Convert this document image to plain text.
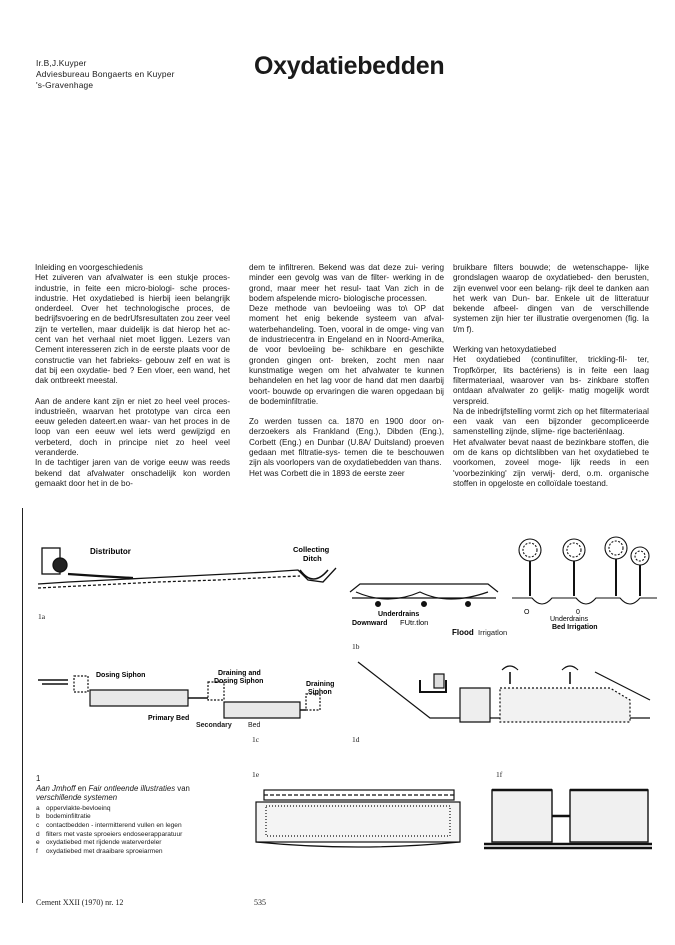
Ir.B,J.Kuyper
Adviesbureau Bongaerts en Kuyper
's-Gravenhage
Oxydatiebedden

Inleiding en voorgeschiedenis

Het zuiveren van afvalwater is een stukje proces-industrie, in feite een micro-biologi- sche proces-industrie. Het oxydatiebed is hierbij ieen belangrijk onderdeel. Over het technologische proces, de bedrijfsvoering en de bedrUfsresultaten zou zeer veel zijn te vertellen, maar duidelijk is dat hierop het ac- cent van het verhaal niet moet liggen. Lezers van Cement interesseren zich in de eerste plaats voor de constructie van het fabrieks- gebouw zelf en wat is dat bij een oxydatie- bed ? Een vloer, een wand, het dak ontbreekt meestal.

Aan de andere kant zijn er niet zo heel veel proces-industrieën, waarvan het prototype van circa een eeuw geleden dateert.en waar- van het proces in de loop van een eeuw wel iets werd gewijzigd en verbeterd, doch in principe niet zo heel veel veranderde.

In de tachtiger jaren van de vorige eeuw was reeds bekend dat afvalwater onschadelijk kon worden gemaakt door het in de bo-

dem te infiltreren. Bekend was dat deze zui- vering minder een gevolg was van de filter- werking in de grond, maar meer het resul- taat Van zich in de bodem afspelende micro- biologische processen.

Deze methode van bevloeiing was to\ OP dat moment het enig bekende systeem van afval- waterbehandeling. Toen, vooral in de omge- ving van de industriecentra in Engeland en in Noord-Amerika, de voor bevloeiing be- schikbare en geschikte gronden gingen ont- breken, zocht men naar kunstmatige wegen om het afvalwater te kunnen behandelen en het lag voor de hand dat men daarbij voort- bouwde op ervaringen die waren opgedaan bij de bodeminfiltratie.

Zo werden tussen ca. 1870 en 1900 door on- derzoekers als Frankland (Eng.), Dibden (Eng.), Corbett (Eng.) en Dunbar (U.8A/ Duitsland) proeven gedaan met filtratie-sys- temen die te beschouwen zijn als voorlopers van de oxydatiebedden van thans.

Het was Corbett die in 1893 de eerste zeer

bruikbare filters bouwde; de wetenschappe- lijke grondslagen waarop de oxydatiebed- den berusten, zijn evenwel voor een belang- rijk deel te danken aan het werk van Dun- bar. Enkele uit de litteratuur bekende afbeel- dingen van de verschillende systemen zijn hier ter illustratie overgenomen (fig. Ia t/m f).

Werking van hetoxydatiebed

Het oxydatiebed (continufilter, trickling-fil- ter, Tropfkörper, lits bactériens) is in feite een laag filtermateriaal, waarover van bs- zinkbare stoffen ontdaan afvalwater zo gelijk- matig mogelijk wordt verspreid.

Na de inbedrijfstelling vormt zich op het filtermateriaal een vaak van een bijzonder gecompliceerde samenstelling zijnde, slijme- rige bacteriënlaag.

Het afvalwater bevat naast de bezinkbare stoffen, die om de kans op dichtslibben van het oxydatiebed te voorkomen, zoveel moge- lijk reeds in een 'voorbezinking' zijn verwij- derd, o.m. organische stoffen in opgeloste en colloïdale toestand.

Distributor	Collecting
Ditch
1a	Underdrains
Downward FUtr.tlon
Flood Irrigatlon
1b
O	0
Underdrains
Bed Irrigation
Dosing Siphon	Draining and
Dosing Siphon
Primary Bed
Draining
Siphon
Secondary Bed
1c	1d
1e	1f
1
Aan Jmhoff en Fair ontleende illustraties van
verschillende systemen
a oppervlakte-bevloeinq
b bodeminfiltratie
c contactbedden - intermitterend vullen en legen
d filters met vaste sproeiers endoseerapparatuur
e oxydatiebed met rijdende waterverdeler
f oxydatiebed met draaibare sproeiarmen
Cement XXII (1970) nr. 12	535
